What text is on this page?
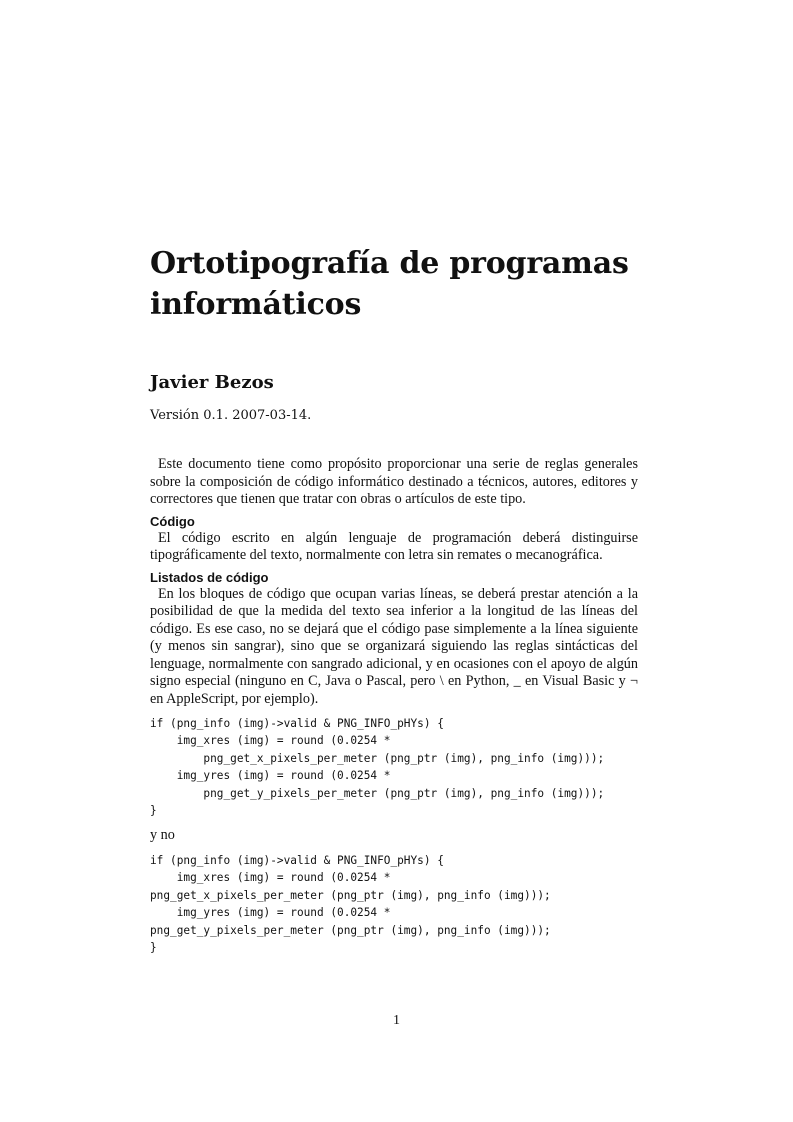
Ortotipografía de programas
informáticos
Javier Bezos

Versión 0.1. 2007-03-14.

Este documento tiene como propósito proporcionar una serie de reglas generales sobre la composición de código informático destinado a técnicos, autores, editores y correctores que tienen que tratar con obras o artículos de este tipo.

Código

El código escrito en algún lenguaje de programación deberá distinguirse tipográficamente del texto, normalmente con letra sin remates o mecanográfica.

Listados de código

En los bloques de código que ocupan varias líneas, se deberá prestar atención a la posibilidad de que la medida del texto sea inferior a la longitud de las líneas del código. Es ese caso, no se dejará que el código pase simplemente a la línea siguiente (y menos sin sangrar), sino que se organizará siguiendo las reglas sintácticas del lenguage, normalmente con sangrado adicional, y en ocasiones con el apoyo de algún signo especial (ninguno en C, Java o Pascal, pero \ en Python, _ en Visual Basic y ¬ en AppleScript, por ejemplo).

if (png_info (img)->valid & PNG_INFO_pHYs) {
img_xres (img) = round (0.0254 *
png_get_x_pixels_per_meter (png_ptr (img), png_info (img)));
img_yres (img) = round (0.0254 *
png_get_y_pixels_per_meter (png_ptr (img), png_info (img)));
}

y no

if (png_info (img)->valid & PNG_INFO_pHYs) {
img_xres (img) = round (0.0254 *
png_get_x_pixels_per_meter (png_ptr (img), png_info (img)));
img_yres (img) = round (0.0254 *
png_get_y_pixels_per_meter (png_ptr (img), png_info (img)));
}
1
